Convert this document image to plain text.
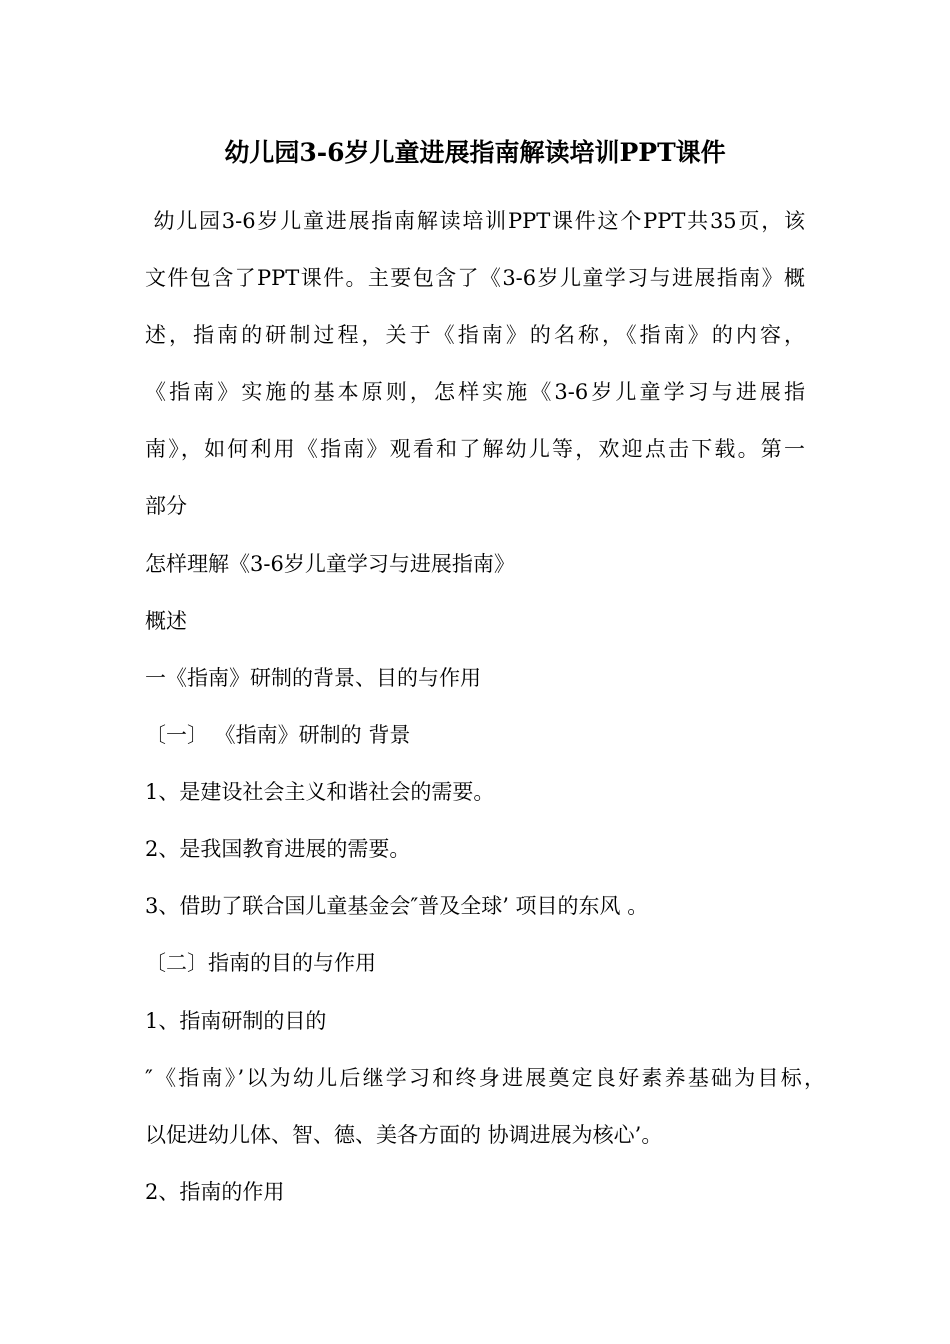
幼儿园3-6岁儿童进展指南解读培训PPT课件
幼儿园3-6岁儿童进展指南解读培训PPT课件这个PPT共35页，该
文件包含了PPT课件。主要包含了《3-6岁儿童学习与进展指南》概
述，指南的研制过程，关于《指南》的名称，《指南》的内容，
《指南》实施的基本原则，怎样实施《3-6岁儿童学习与进展指
南》，如何利用《指南》观看和了解幼儿等，欢迎点击下载。第一
部分
怎样理解《3-6岁儿童学习与进展指南》
概述
一《指南》研制的背景、目的与作用
〔一〕 《指南》研制的 背景
1、是建设社会主义和谐社会的需要。
2、是我国教育进展的需要。
3、借助了联合国儿童基金会″普及全球’ 项目的东风 。
〔二〕指南的目的与作用
1、指南研制的目的
″《指南》’以为幼儿后继学习和终身进展奠定良好素养基础为目标，
以促进幼儿体、智、德、美各方面的 协调进展为核心’。
2、指南的作用
